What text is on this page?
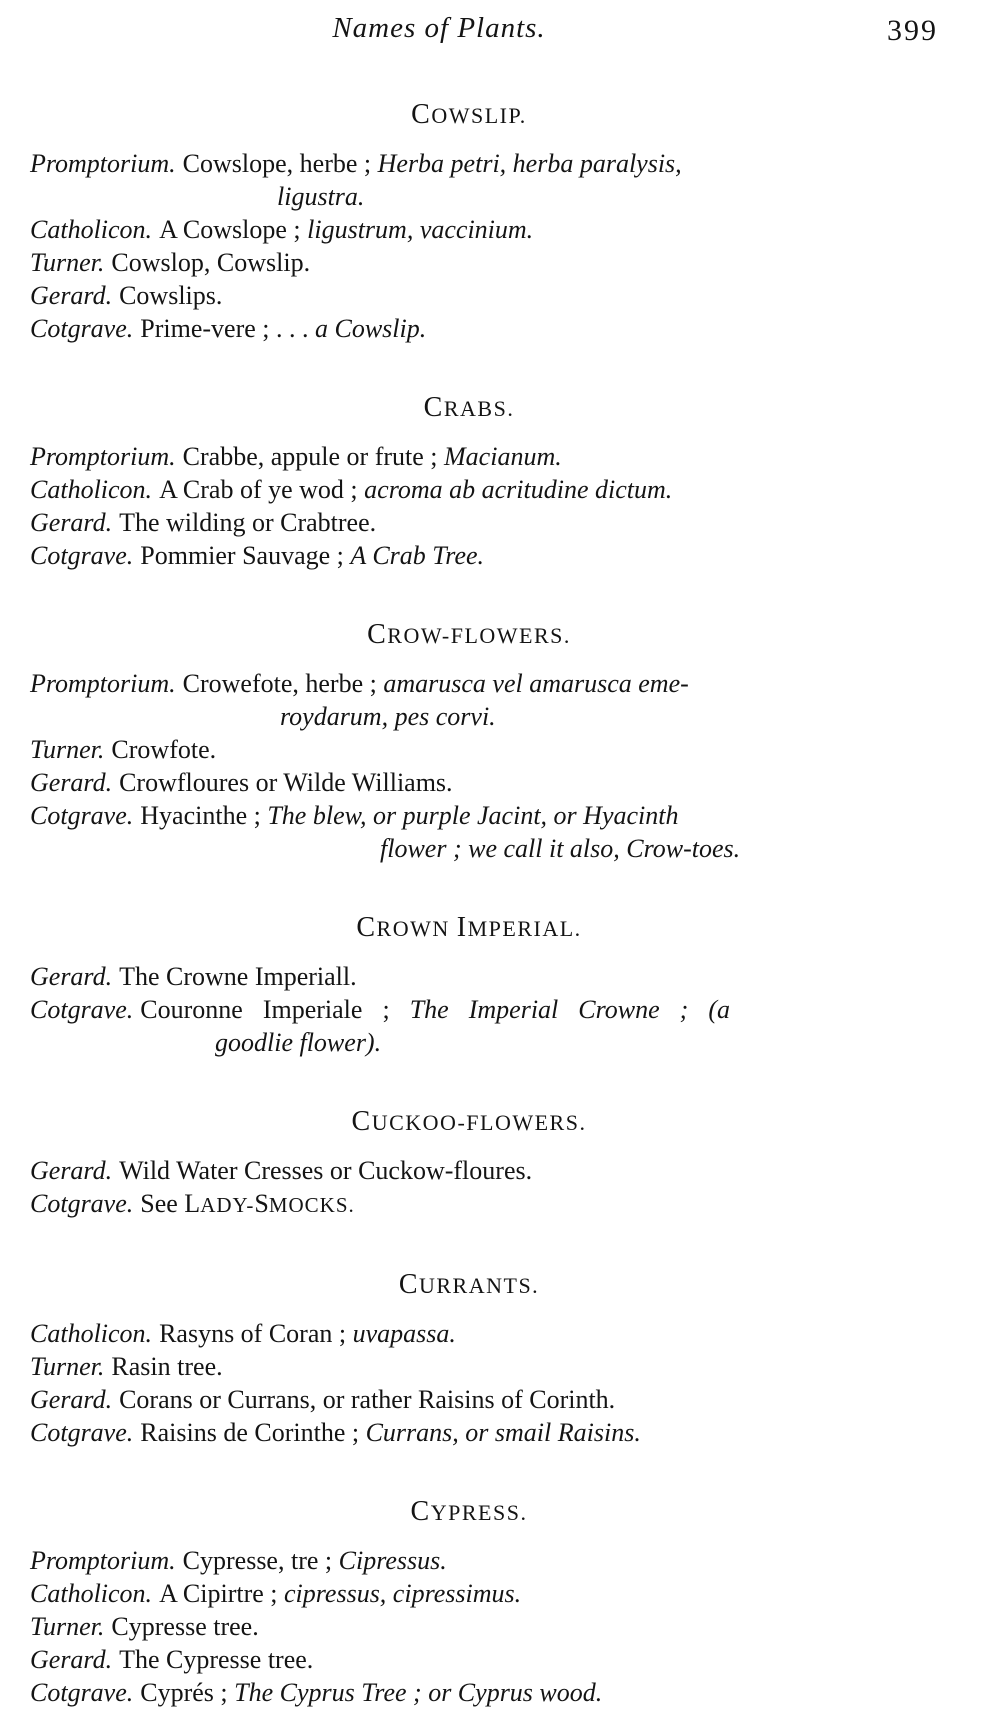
Names of Plants.	399
COWSLIP.
Promptorium. Cowslope, herbe ; Herba petri, herba paralysis,
ligustra.
Catholicon. A Cowslope ; ligustrum, vaccinium.
Turner. Cowslop, Cowslip.
Gerard. Cowslips.
Cotgrave. Prime-vere ; . . . a Cowslip.
CRABS.
Promptorium. Crabbe, appule or frute ; Macianum.
Catholicon. A Crab of ye wod ; acroma ab acritudine dictum.
Gerard. The wilding or Crabtree.
Cotgrave. Pommier Sauvage ; A Crab Tree.
CROW-FLOWERS.
Promptorium. Crowefote, herbe ; amarusca vel amarusca eme-
roydarum, pes corvi.
Turner. Crowfote.
Gerard. Crowfloures or Wilde Williams.
Cotgrave. Hyacinthe ; The blew, or purple Jacint, or Hyacinth
flower ; we call it also, Crow-toes.
CROWN IMPERIAL.
Gerard. The Crowne Imperiall.
Cotgrave. Couronne Imperiale ; The Imperial Crowne ; (a
goodlie flower).
CUCKOO-FLOWERS.
Gerard. Wild Water Cresses or Cuckow-floures.
Cotgrave. See LADY-SMOCKS.
CURRANTS.
Catholicon. Rasyns of Coran ; uvapassa.
Turner. Rasin tree.
Gerard. Corans or Currans, or rather Raisins of Corinth.
Cotgrave. Raisins de Corinthe ; Currans, or smail Raisins.
CYPRESS.
Promptorium. Cypresse, tre ; Cipressus.
Catholicon. A Cipirtre ; cipressus, cipressimus.
Turner. Cypresse tree.
Gerard. The Cypresse tree.
Cotgrave. Cyprés ; The Cyprus Tree ; or Cyprus wood.
